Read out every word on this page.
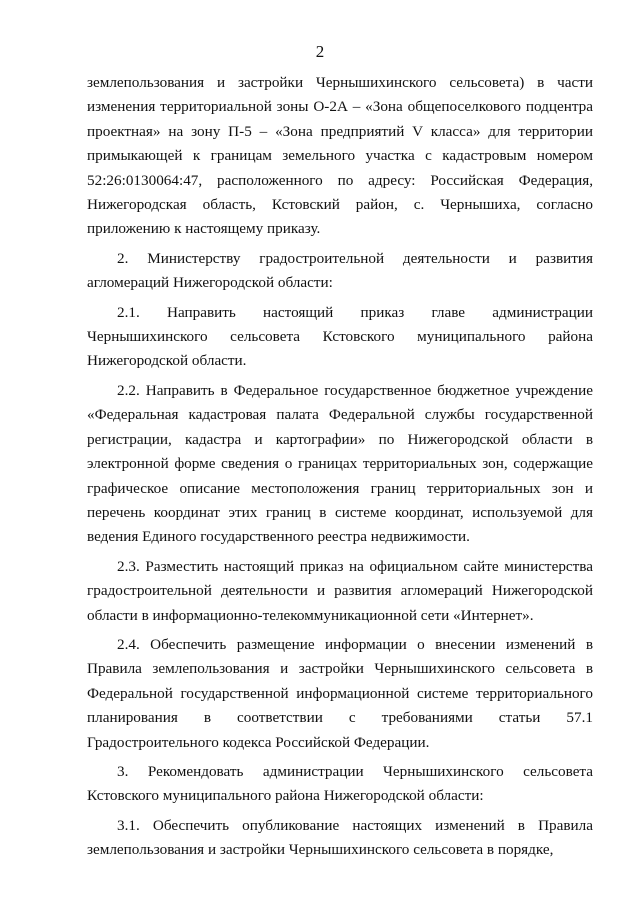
2

землепользования и застройки Чернышихинского сельсовета) в части изменения территориальной зоны О-2А – «Зона общепоселкового подцентра проектная» на зону П-5 – «Зона предприятий V класса» для территории примыкающей к границам земельного участка с кадастровым номером 52:26:0130064:47, расположенного по адресу: Российская Федерация, Нижегородская область, Кстовский район, с. Чернышиха, согласно приложению к настоящему приказу.

2. Министерству градостроительной деятельности и развития агломераций Нижегородской области:

2.1. Направить настоящий приказ главе администрации Чернышихинского сельсовета Кстовского муниципального района Нижегородской области.

2.2. Направить в Федеральное государственное бюджетное учреждение «Федеральная кадастровая палата Федеральной службы государственной регистрации, кадастра и картографии» по Нижегородской области в электронной форме сведения о границах территориальных зон, содержащие графическое описание местоположения границ территориальных зон и перечень координат этих границ в системе координат, используемой для ведения Единого государственного реестра недвижимости.

2.3. Разместить настоящий приказ на официальном сайте министерства градостроительной деятельности и развития агломераций Нижегородской области в информационно-телекоммуникационной сети «Интернет».

2.4. Обеспечить размещение информации о внесении изменений в Правила землепользования и застройки Чернышихинского сельсовета в Федеральной государственной информационной системе территориального планирования в соответствии с требованиями статьи 57.1 Градостроительного кодекса Российской Федерации.

3. Рекомендовать администрации Чернышихинского сельсовета Кстовского муниципального района Нижегородской области:

3.1. Обеспечить опубликование настоящих изменений в Правила землепользования и застройки Чернышихинского сельсовета в порядке,
